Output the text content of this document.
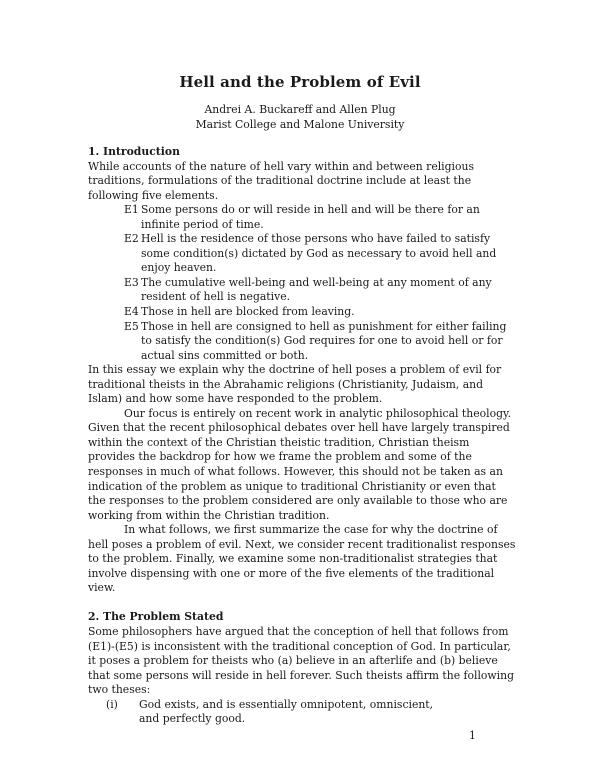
Hell and the Problem of Evil
Andrei A. Buckareff and Allen Plug
Marist College and Malone University

1. Introduction

While accounts of the nature of hell vary within and between religious traditions, formulations of the traditional doctrine include at least the following five elements.

E1 Some persons do or will reside in hell and will be there for an infinite period of time.
E2 Hell is the residence of those persons who have failed to satisfy some condition(s) dictated by God as necessary to avoid hell and enjoy heaven.
E3 The cumulative well-being and well-being at any moment of any resident of hell is negative.
E4 Those in hell are blocked from leaving.
E5 Those in hell are consigned to hell as punishment for either failing to satisfy the condition(s) God requires for one to avoid hell or for actual sins committed or both.

In this essay we explain why the doctrine of hell poses a problem of evil for traditional theists in the Abrahamic religions (Christianity, Judaism, and Islam) and how some have responded to the problem.

Our focus is entirely on recent work in analytic philosophical theology. Given that the recent philosophical debates over hell have largely transpired within the context of the Christian theistic tradition, Christian theism provides the backdrop for how we frame the problem and some of the responses in much of what follows. However, this should not be taken as an indication of the problem as unique to traditional Christianity or even that the responses to the problem considered are only available to those who are working from within the Christian tradition.

In what follows, we first summarize the case for why the doctrine of hell poses a problem of evil. Next, we consider recent traditionalist responses to the problem. Finally, we examine some non-traditionalist strategies that involve dispensing with one or more of the five elements of the traditional view.

2. The Problem Stated

Some philosophers have argued that the conception of hell that follows from (E1)-(E5) is inconsistent with the traditional conception of God. In particular, it poses a problem for theists who (a) believe in an afterlife and (b) believe that some persons will reside in hell forever. Such theists affirm the following two theses:

(i)	God exists, and is essentially omnipotent, omniscient, and perfectly good.
1
